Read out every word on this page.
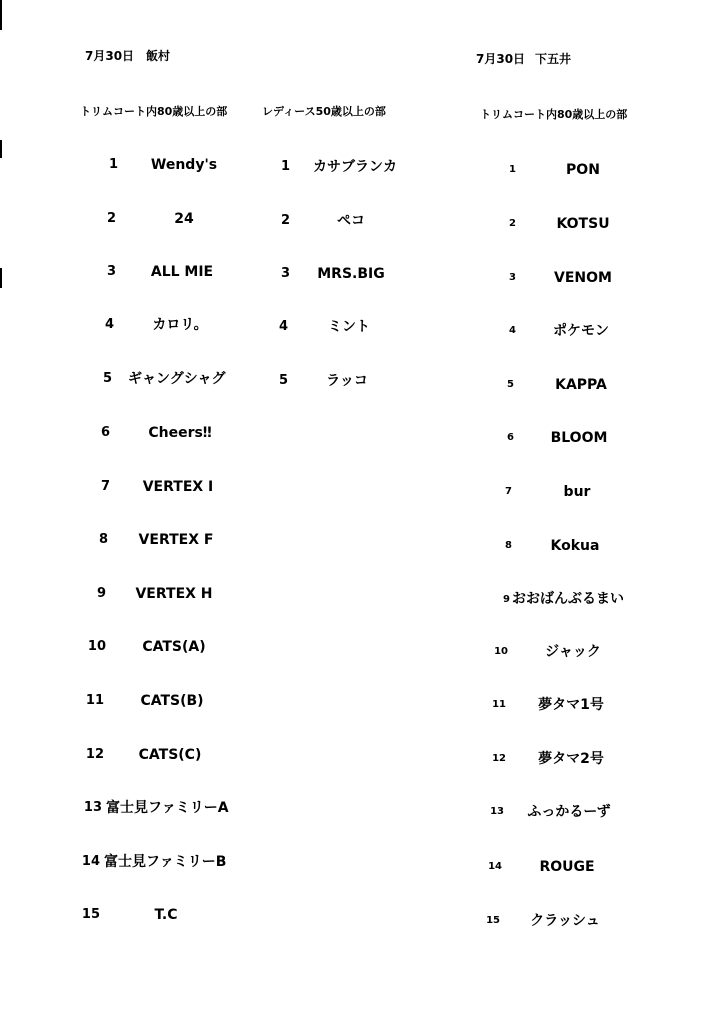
7月30日 飯村	7月30日 下五井
トリムコート内80歳以上の部	レディース50歳以上の部	トリムコート内80歳以上の部
1	Wendy's
2	24
3	ALL MIE
4	カロリ。
5 ギャングシャグ
6	Cheers‼
7	VERTEX Ⅰ
8	VERTEX F
9	VERTEX H
10	CATS(A)
11	CATS(B)
12	CATS(C)
13 富士見ファミリーA
14 富士見ファミリーB
15	T.C
1	カサブランカ
2	ペコ
3	MRS.BIG
4	ミント
5	ラッコ
1	PON
2	KOTSU
3	VENOM
4	ポケモン
5	KAPPA
6	BLOOM
7	bur
8	Kokua
9 おおばんぶるまい
10	ジャック
11	夢タマ1号
12	夢タマ2号
13	ふっかるーず
14	ROUGE
15	クラッシュ
